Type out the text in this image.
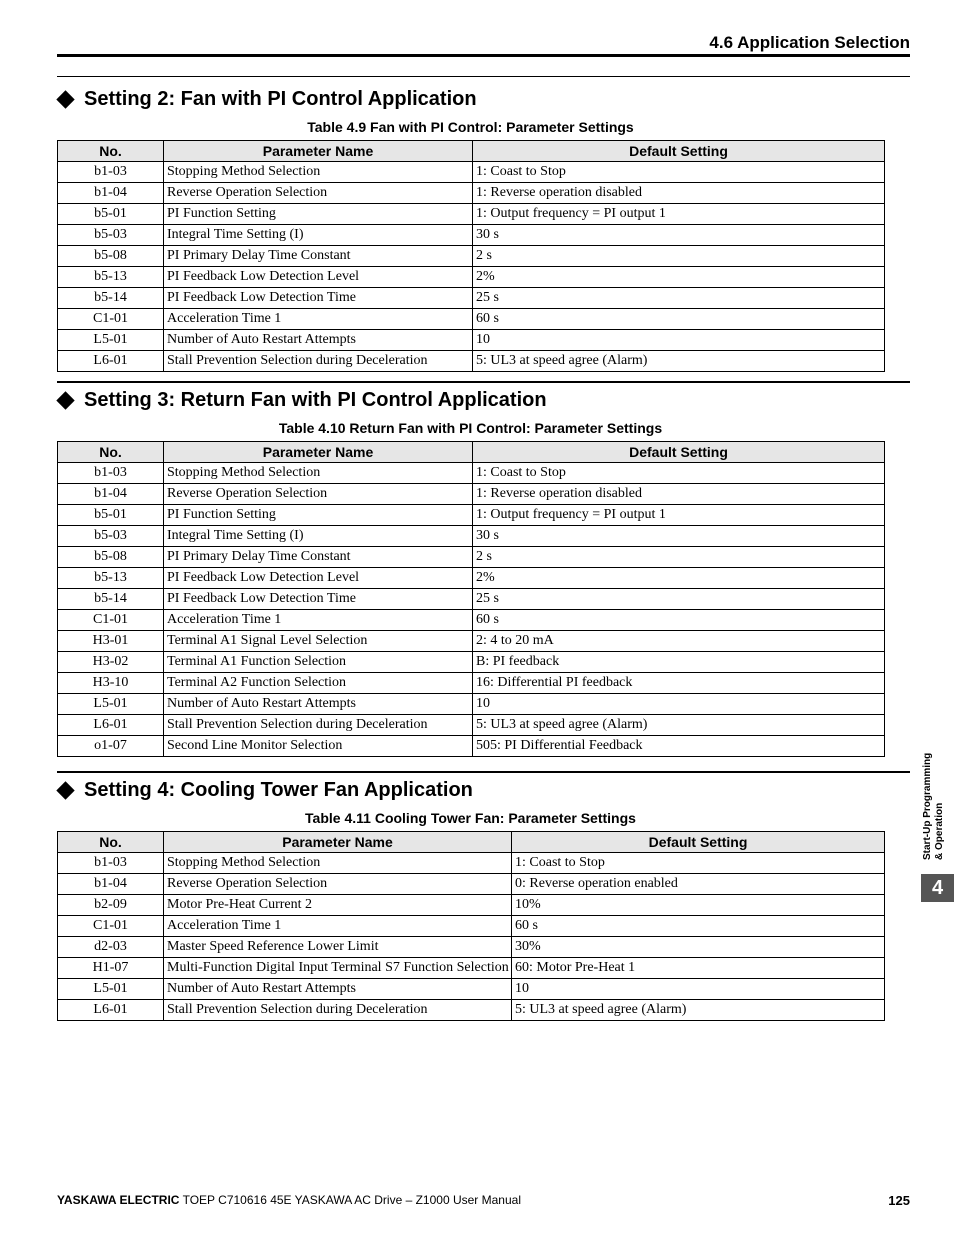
4.6 Application Selection
Setting 2: Fan with PI Control Application
Table 4.9 Fan with PI Control: Parameter Settings
No.	Parameter Name	Default Setting
b1-03	Stopping Method Selection	1: Coast to Stop
b1-04	Reverse Operation Selection	1: Reverse operation disabled
b5-01	PI Function Setting	1: Output frequency = PI output 1
b5-03	Integral Time Setting (I)	30 s
b5-08	PI Primary Delay Time Constant	2 s
b5-13	PI Feedback Low Detection Level	2%
b5-14	PI Feedback Low Detection Time	25 s
C1-01	Acceleration Time 1	60 s
L5-01	Number of Auto Restart Attempts	10
L6-01	Stall Prevention Selection during Deceleration	5: UL3 at speed agree (Alarm)
Setting 3: Return Fan with PI Control Application
Table 4.10 Return Fan with PI Control: Parameter Settings
No.	Parameter Name	Default Setting
b1-03	Stopping Method Selection	1: Coast to Stop
b1-04	Reverse Operation Selection	1: Reverse operation disabled
b5-01	PI Function Setting	1: Output frequency = PI output 1
b5-03	Integral Time Setting (I)	30 s
b5-08	PI Primary Delay Time Constant	2 s
b5-13	PI Feedback Low Detection Level	2%
b5-14	PI Feedback Low Detection Time	25 s
C1-01	Acceleration Time 1	60 s
H3-01	Terminal A1 Signal Level Selection	2: 4 to 20 mA
H3-02	Terminal A1 Function Selection	B: PI feedback
H3-10	Terminal A2 Function Selection	16: Differential PI feedback
L5-01	Number of Auto Restart Attempts	10
L6-01	Stall Prevention Selection during Deceleration	5: UL3 at speed agree (Alarm)
o1-07	Second Line Monitor Selection	505: PI Differential Feedback
Setting 4: Cooling Tower Fan Application
Table 4.11 Cooling Tower Fan: Parameter Settings
No.	Parameter Name	Default Setting
b1-03	Stopping Method Selection	1: Coast to Stop
b1-04	Reverse Operation Selection	0: Reverse operation enabled
b2-09	Motor Pre-Heat Current 2	10%
C1-01	Acceleration Time 1	60 s
d2-03	Master Speed Reference Lower Limit	30%
H1-07	Multi-Function Digital Input Terminal S7 Function Selection	60: Motor Pre-Heat 1
L5-01	Number of Auto Restart Attempts	10
L6-01	Stall Prevention Selection during Deceleration	5: UL3 at speed agree (Alarm)
Start-Up Programming & Operation
4
YASKAWA ELECTRIC TOEP C710616 45E YASKAWA AC Drive – Z1000 User Manual	125
